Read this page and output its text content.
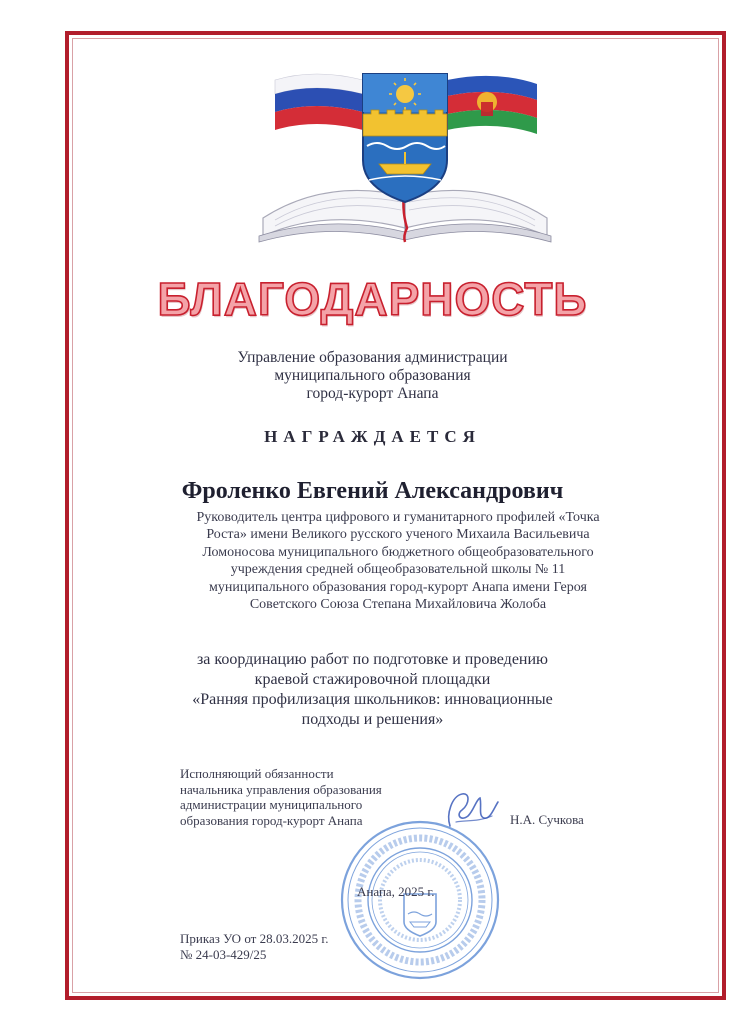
БЛАГОДАРНОСТЬ
Управление образования администрации
муниципального образования
город-курорт Анапа
НАГРАЖДАЕТСЯ
Фроленко Евгений Александрович
Руководитель центра цифрового и гуманитарного профилей «Точка
Роста» имени Великого русского ученого Михаила Васильевича
Ломоносова муниципального бюджетного общеобразовательного
учреждения средней общеобразовательной школы № 11
муниципального образования город-курорт Анапа имени Героя
Советского Союза Степана Михайловича Жолоба
за координацию работ по подготовке и проведению
краевой стажировочной площадки
«Ранняя профилизация школьников: инновационные
подходы и решения»
Исполняющий обязанности
начальника управления образования
администрации муниципального
образования город-курорт Анапа	Н.А. Сучкова
Анапа, 2025 г.
Приказ УО от 28.03.2025 г.
№ 24-03-429/25
